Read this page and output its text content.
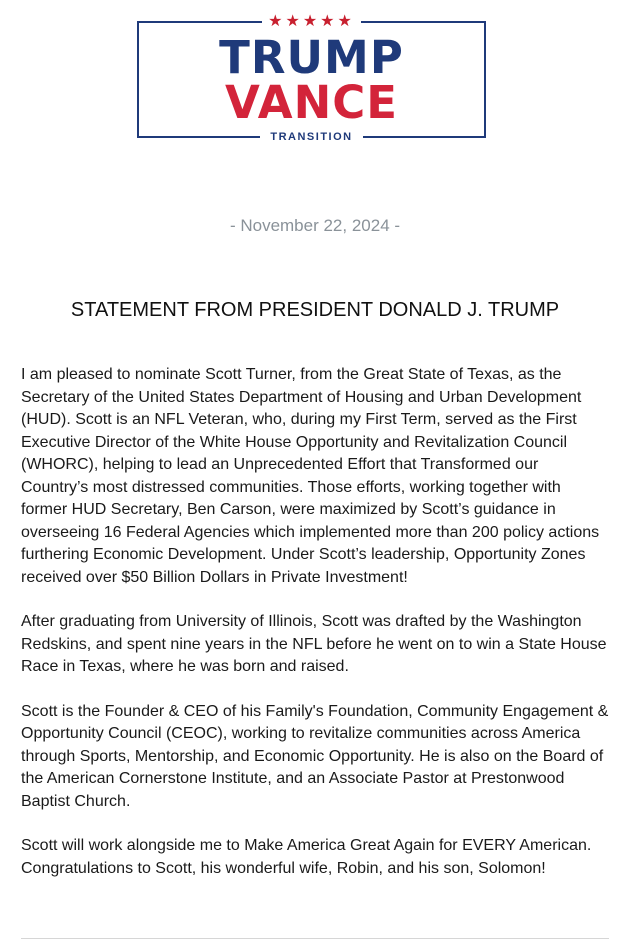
★★★★★
TRUMP
VANCE
TRANSITION
- November 22, 2024 -
STATEMENT FROM PRESIDENT DONALD J. TRUMP

I am pleased to nominate Scott Turner, from the Great State of Texas, as the Secretary of the United States Department of Housing and Urban Development (HUD). Scott is an NFL Veteran, who, during my First Term, served as the First Executive Director of the White House Opportunity and Revitalization Council (WHORC), helping to lead an Unprecedented Effort that Transformed our Country’s most distressed communities. Those efforts, working together with former HUD Secretary, Ben Carson, were maximized by Scott’s guidance in overseeing 16 Federal Agencies which implemented more than 200 policy actions furthering Economic Development. Under Scott’s leadership, Opportunity Zones received over $50 Billion Dollars in Private Investment!

After graduating from University of Illinois, Scott was drafted by the Washington Redskins, and spent nine years in the NFL before he went on to win a State House Race in Texas, where he was born and raised.

Scott is the Founder & CEO of his Family's Foundation, Community Engagement & Opportunity Council (CEOC), working to revitalize communities across America through Sports, Mentorship, and Economic Opportunity. He is also on the Board of the American Cornerstone Institute, and an Associate Pastor at Prestonwood Baptist Church.

Scott will work alongside me to Make America Great Again for EVERY American. Congratulations to Scott, his wonderful wife, Robin, and his son, Solomon!
